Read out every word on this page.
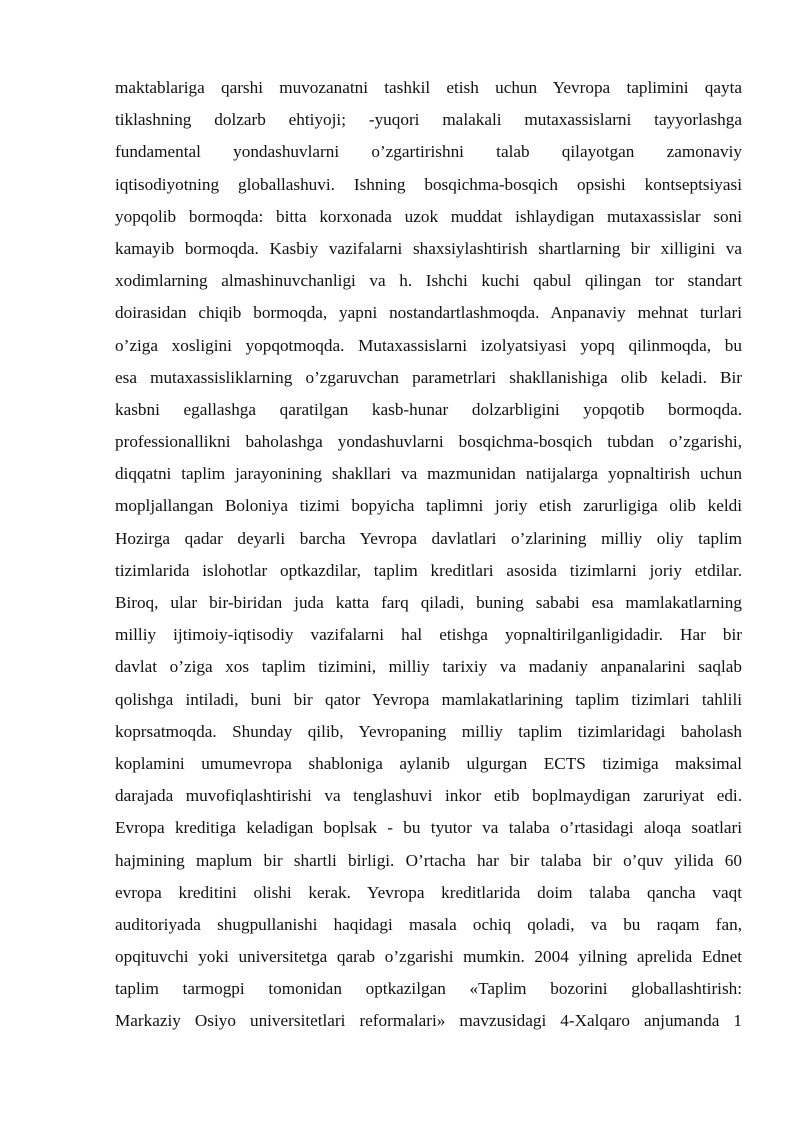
maktablariga qarshi muvozanatni tashkil etish uchun Yevropa taplimini qayta
tiklashning dolzarb ehtiyoji; -yuqori malakali mutaxassislarni tayyorlashga
fundamental yondashuvlarni o’zgartirishni talab qilayotgan zamonaviy
iqtisodiyotning globallashuvi. Ishning bosqichma-bosqich opsishi kontseptsiyasi
yopqolib bormoqda: bitta korxonada uzok muddat ishlaydigan mutaxassislar soni
kamayib bormoqda. Kasbiy vazifalarni shaxsiylashtirish shartlarning bir xilligini va
xodimlarning almashinuvchanligi va h. Ishchi kuchi qabul qilingan tor standart
doirasidan chiqib bormoqda, yapni nostandartlashmoqda. Anpanaviy mehnat turlari
o’ziga xosligini yopqotmoqda. Mutaxassislarni izolyatsiyasi yopq qilinmoqda, bu
esa mutaxassisliklarning o’zgaruvchan parametrlari shakllanishiga olib keladi. Bir
kasbni egallashga qaratilgan kasb-hunar dolzarbligini yopqotib bormoqda.
professionallikni baholashga yondashuvlarni bosqichma-bosqich tubdan o’zgarishi,
diqqatni taplim jarayonining shakllari va mazmunidan natijalarga yopnaltirish uchun
mopljallangan Boloniya tizimi bopyicha taplimni joriy etish zarurligiga olib keldi
Hozirga qadar deyarli barcha Yevropa davlatlari o’zlarining milliy oliy taplim
tizimlarida islohotlar optkazdilar, taplim kreditlari asosida tizimlarni joriy etdilar.
Biroq, ular bir-biridan juda katta farq qiladi, buning sababi esa mamlakatlarning
milliy ijtimoiy-iqtisodiy vazifalarni hal etishga yopnaltirilganligidadir. Har bir
davlat o’ziga xos taplim tizimini, milliy tarixiy va madaniy anpanalarini saqlab
qolishga intiladi, buni bir qator Yevropa mamlakatlarining taplim tizimlari tahlili
koprsatmoqda. Shunday qilib, Yevropaning milliy taplim tizimlaridagi baholash
koplamini umumevropa shabloniga aylanib ulgurgan ECTS tizimiga maksimal
darajada muvofiqlashtirishi va tenglashuvi inkor etib boplmaydigan zaruriyat edi.
Evropa kreditiga keladigan boplsak - bu tyutor va talaba o’rtasidagi aloqa soatlari
hajmining maplum bir shartli birligi. O’rtacha har bir talaba bir o’quv yilida 60
evropa kreditini olishi kerak. Yevropa kreditlarida doim talaba qancha vaqt
auditoriyada shugpullanishi haqidagi masala ochiq qoladi, va bu raqam fan,
opqituvchi yoki universitetga qarab o’zgarishi mumkin. 2004 yilning aprelida Ednet
taplim tarmogpi tomonidan optkazilgan «Taplim bozorini globallashtirish:
Markaziy Osiyo universitetlari reformalari» mavzusidagi 4-Xalqaro anjumanda 1
